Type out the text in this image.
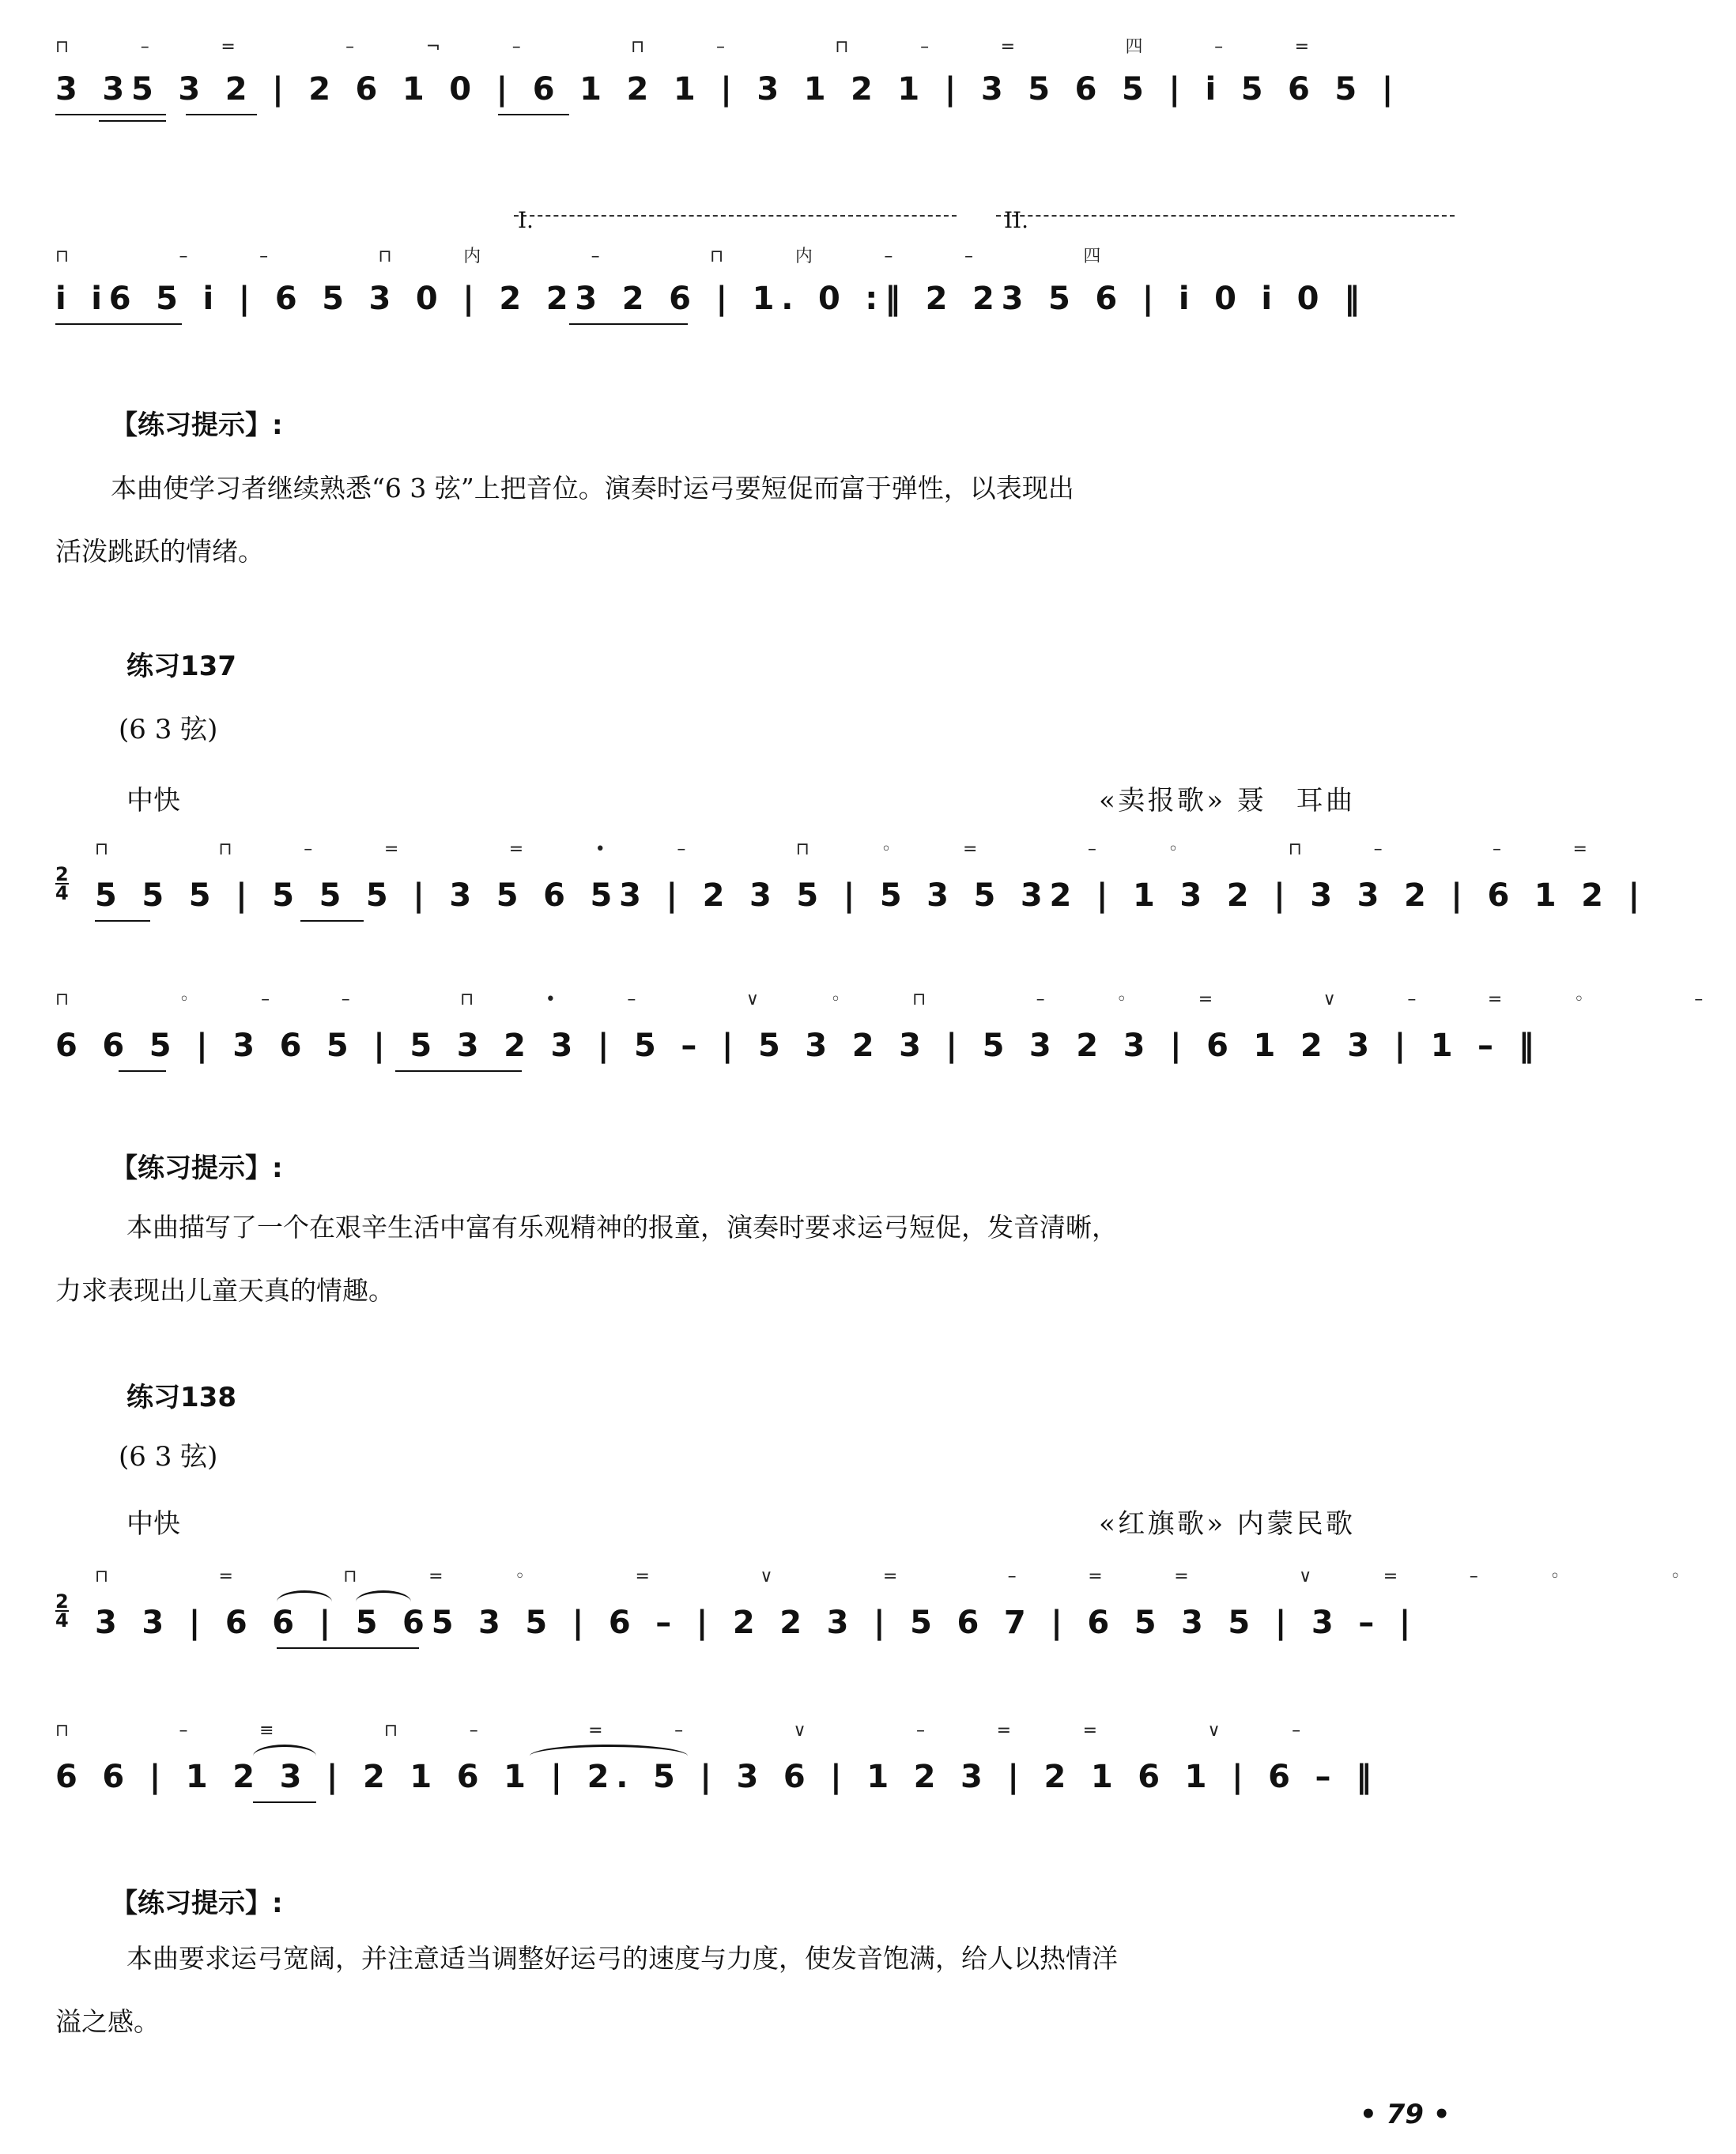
⊓ – =  – ¬ –  ⊓ –  ⊓ – =  四 – =
3 35 3 2 | 2 6 1 0 | 6 1 2 1 | 3 1 2 1 | 3 5 6 5 | i 5 6 5 |
I.	II.
⊓  – –  ⊓ 内  –  ⊓ 内 – –  四
i i6 5 i | 6 5 3 0 | 2 23 2 6 | 1. 0 :‖ 2 23 5 6 | i 0 i 0 ‖
【练习提示】:
本曲使学习者继续熟悉“6 3 弦”上把音位。演奏时运弓要短促而富于弹性，以表现出
活泼跳跃的情绪。
练习137
(6 3 弦)
中快	«卖报歌» 聂　耳曲
2
4
⊓  ⊓ – =  = • –  ⊓ ◦ =  – ◦  ⊓ –  – =
5 5 5 | 5 5 5 | 3 5 6 53 | 2 3 5 | 5 3 5 32 | 1 3 2 | 3 3 2 | 6 1 2 |
⊓  ◦ – –  ⊓ • –  ∨ ◦ ⊓  – ◦ =  ∨ – = ◦  –
6 6 5 | 3 6 5 | 5 3 2 3 | 5 – | 5 3 2 3 | 5 3 2 3 | 6 1 2 3 | 1 – ‖
【练习提示】:
本曲描写了一个在艰辛生活中富有乐观精神的报童，演奏时要求运弓短促，发音清晰，
力求表现出儿童天真的情趣。
练习138
(6 3 弦)
中快	«红旗歌» 内蒙民歌
2
4
⊓  =  ⊓ = ◦  =  ∨  =  – = =  ∨ = – ◦  ◦
3 3 | 6 6 | 5 65 3 5 | 6 – | 2 2 3 | 5 6 7 | 6 5 3 5 | 3 – |
⊓  – ≡  ⊓ –  = –  ∨  – = =  ∨ –
6 6 | 1 2 3 | 2 1 6 1 | 2. 5 | 3 6 | 1 2 3 | 2 1 6 1 | 6 – ‖
【练习提示】:
本曲要求运弓宽阔，并注意适当调整好运弓的速度与力度，使发音饱满，给人以热情洋
溢之感。
• 79 •
